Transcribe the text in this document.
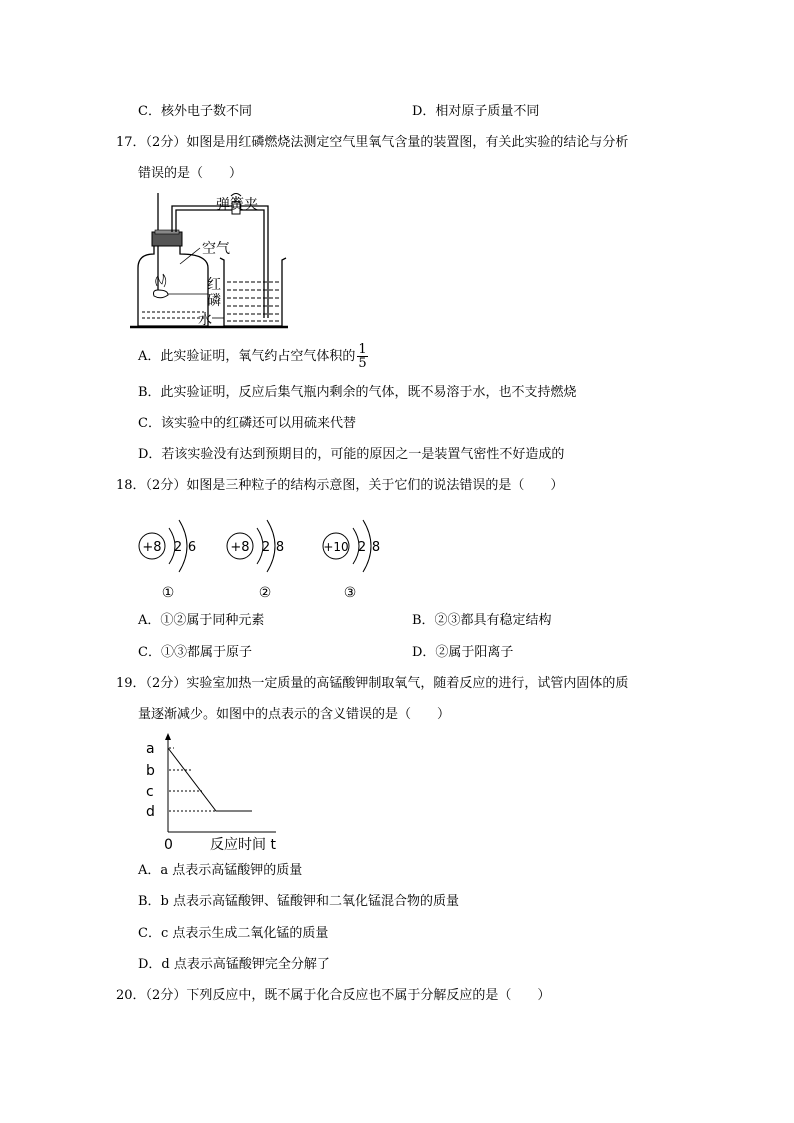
C．核外电子数不同	D．相对原子质量不同
17．（2分）如图是用红磷燃烧法测定空气里氧气含量的装置图，有关此实验的结论与分析
错误的是（　　）
弹簧夹
空气
红
磷
水
A．此实验证明，氧气约占空气体积的 $\frac{1}{5}$
B．此实验证明，反应后集气瓶内剩余的气体，既不易溶于水，也不支持燃烧
C．该实验中的红磷还可以用硫来代替
D．若该实验没有达到预期目的，可能的原因之一是装置气密性不好造成的
18．（2分）如图是三种粒子的结构示意图，关于它们的说法错误的是（　　）
+8 2 6
①
+8 2 8
②
+10 2 8
③
A．①②属于同种元素	B．②③都具有稳定结构
C．①③都属于原子	D．②属于阳离子
19．（2分）实验室加热一定质量的高锰酸钾制取氧气，随着反应的进行，试管内固体的质
量逐渐减少。如图中的点表示的含义错误的是（　　）
a
b
c
d
0	反应时间 t
A．a 点表示高锰酸钾的质量
B．b 点表示高锰酸钾、锰酸钾和二氧化锰混合物的质量
C．c 点表示生成二氧化锰的质量
D．d 点表示高锰酸钾完全分解了
20．（2分）下列反应中，既不属于化合反应也不属于分解反应的是（　　）
